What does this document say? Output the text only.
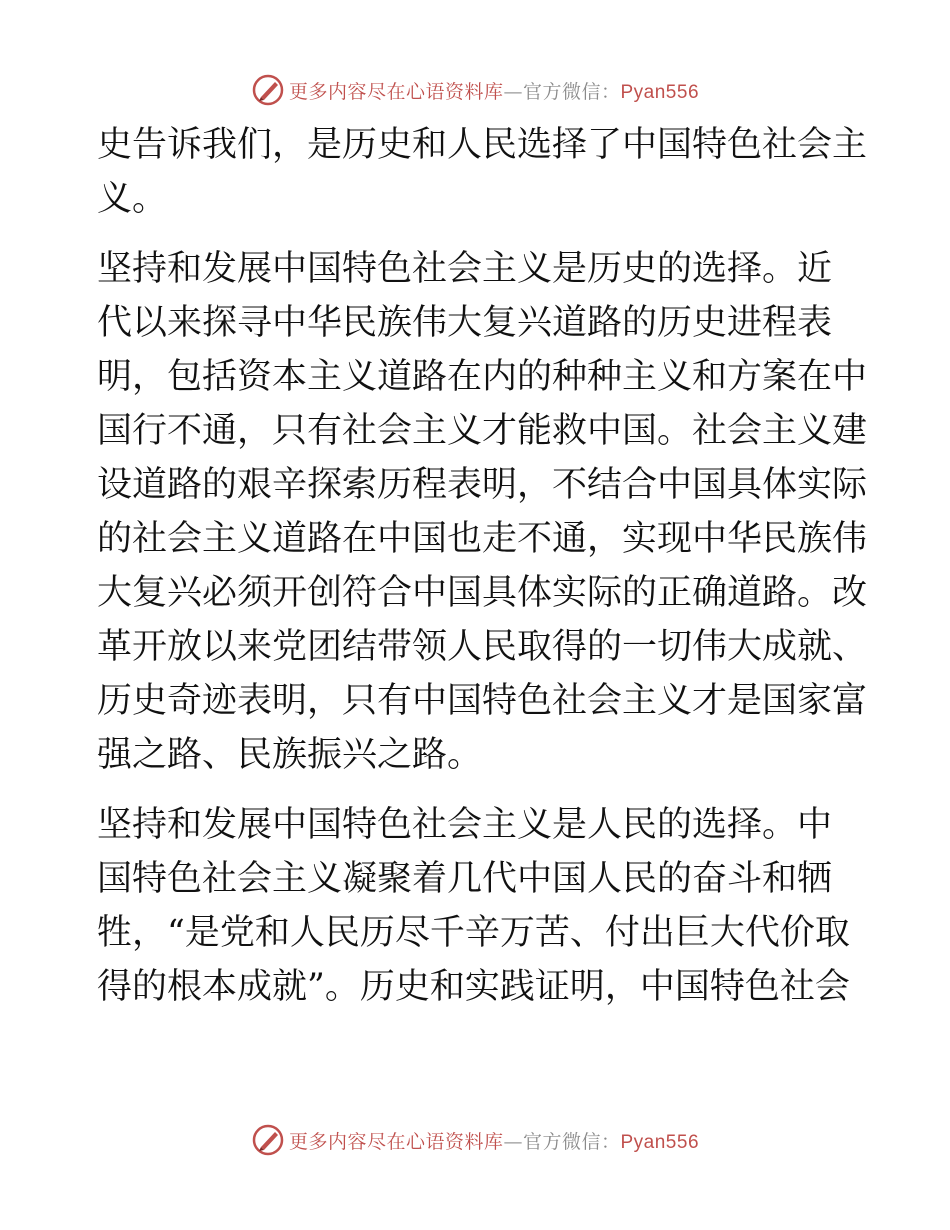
更多内容尽在心语资料库—官方微信：Pyan556

史告诉我们，是历史和人民选择了中国特色社会主
义。

坚持和发展中国特色社会主义是历史的选择。近
代以来探寻中华民族伟大复兴道路的历史进程表
明，包括资本主义道路在内的种种主义和方案在中
国行不通，只有社会主义才能救中国。社会主义建
设道路的艰辛探索历程表明，不结合中国具体实际
的社会主义道路在中国也走不通，实现中华民族伟
大复兴必须开创符合中国具体实际的正确道路。改
革开放以来党团结带领人民取得的一切伟大成就、
历史奇迹表明，只有中国特色社会主义才是国家富
强之路、民族振兴之路。

坚持和发展中国特色社会主义是人民的选择。中
国特色社会主义凝聚着几代中国人民的奋斗和牺
牲，“是党和人民历尽千辛万苦、付出巨大代价取
得的根本成就”。历史和实践证明，中国特色社会

更多内容尽在心语资料库—官方微信：Pyan556
